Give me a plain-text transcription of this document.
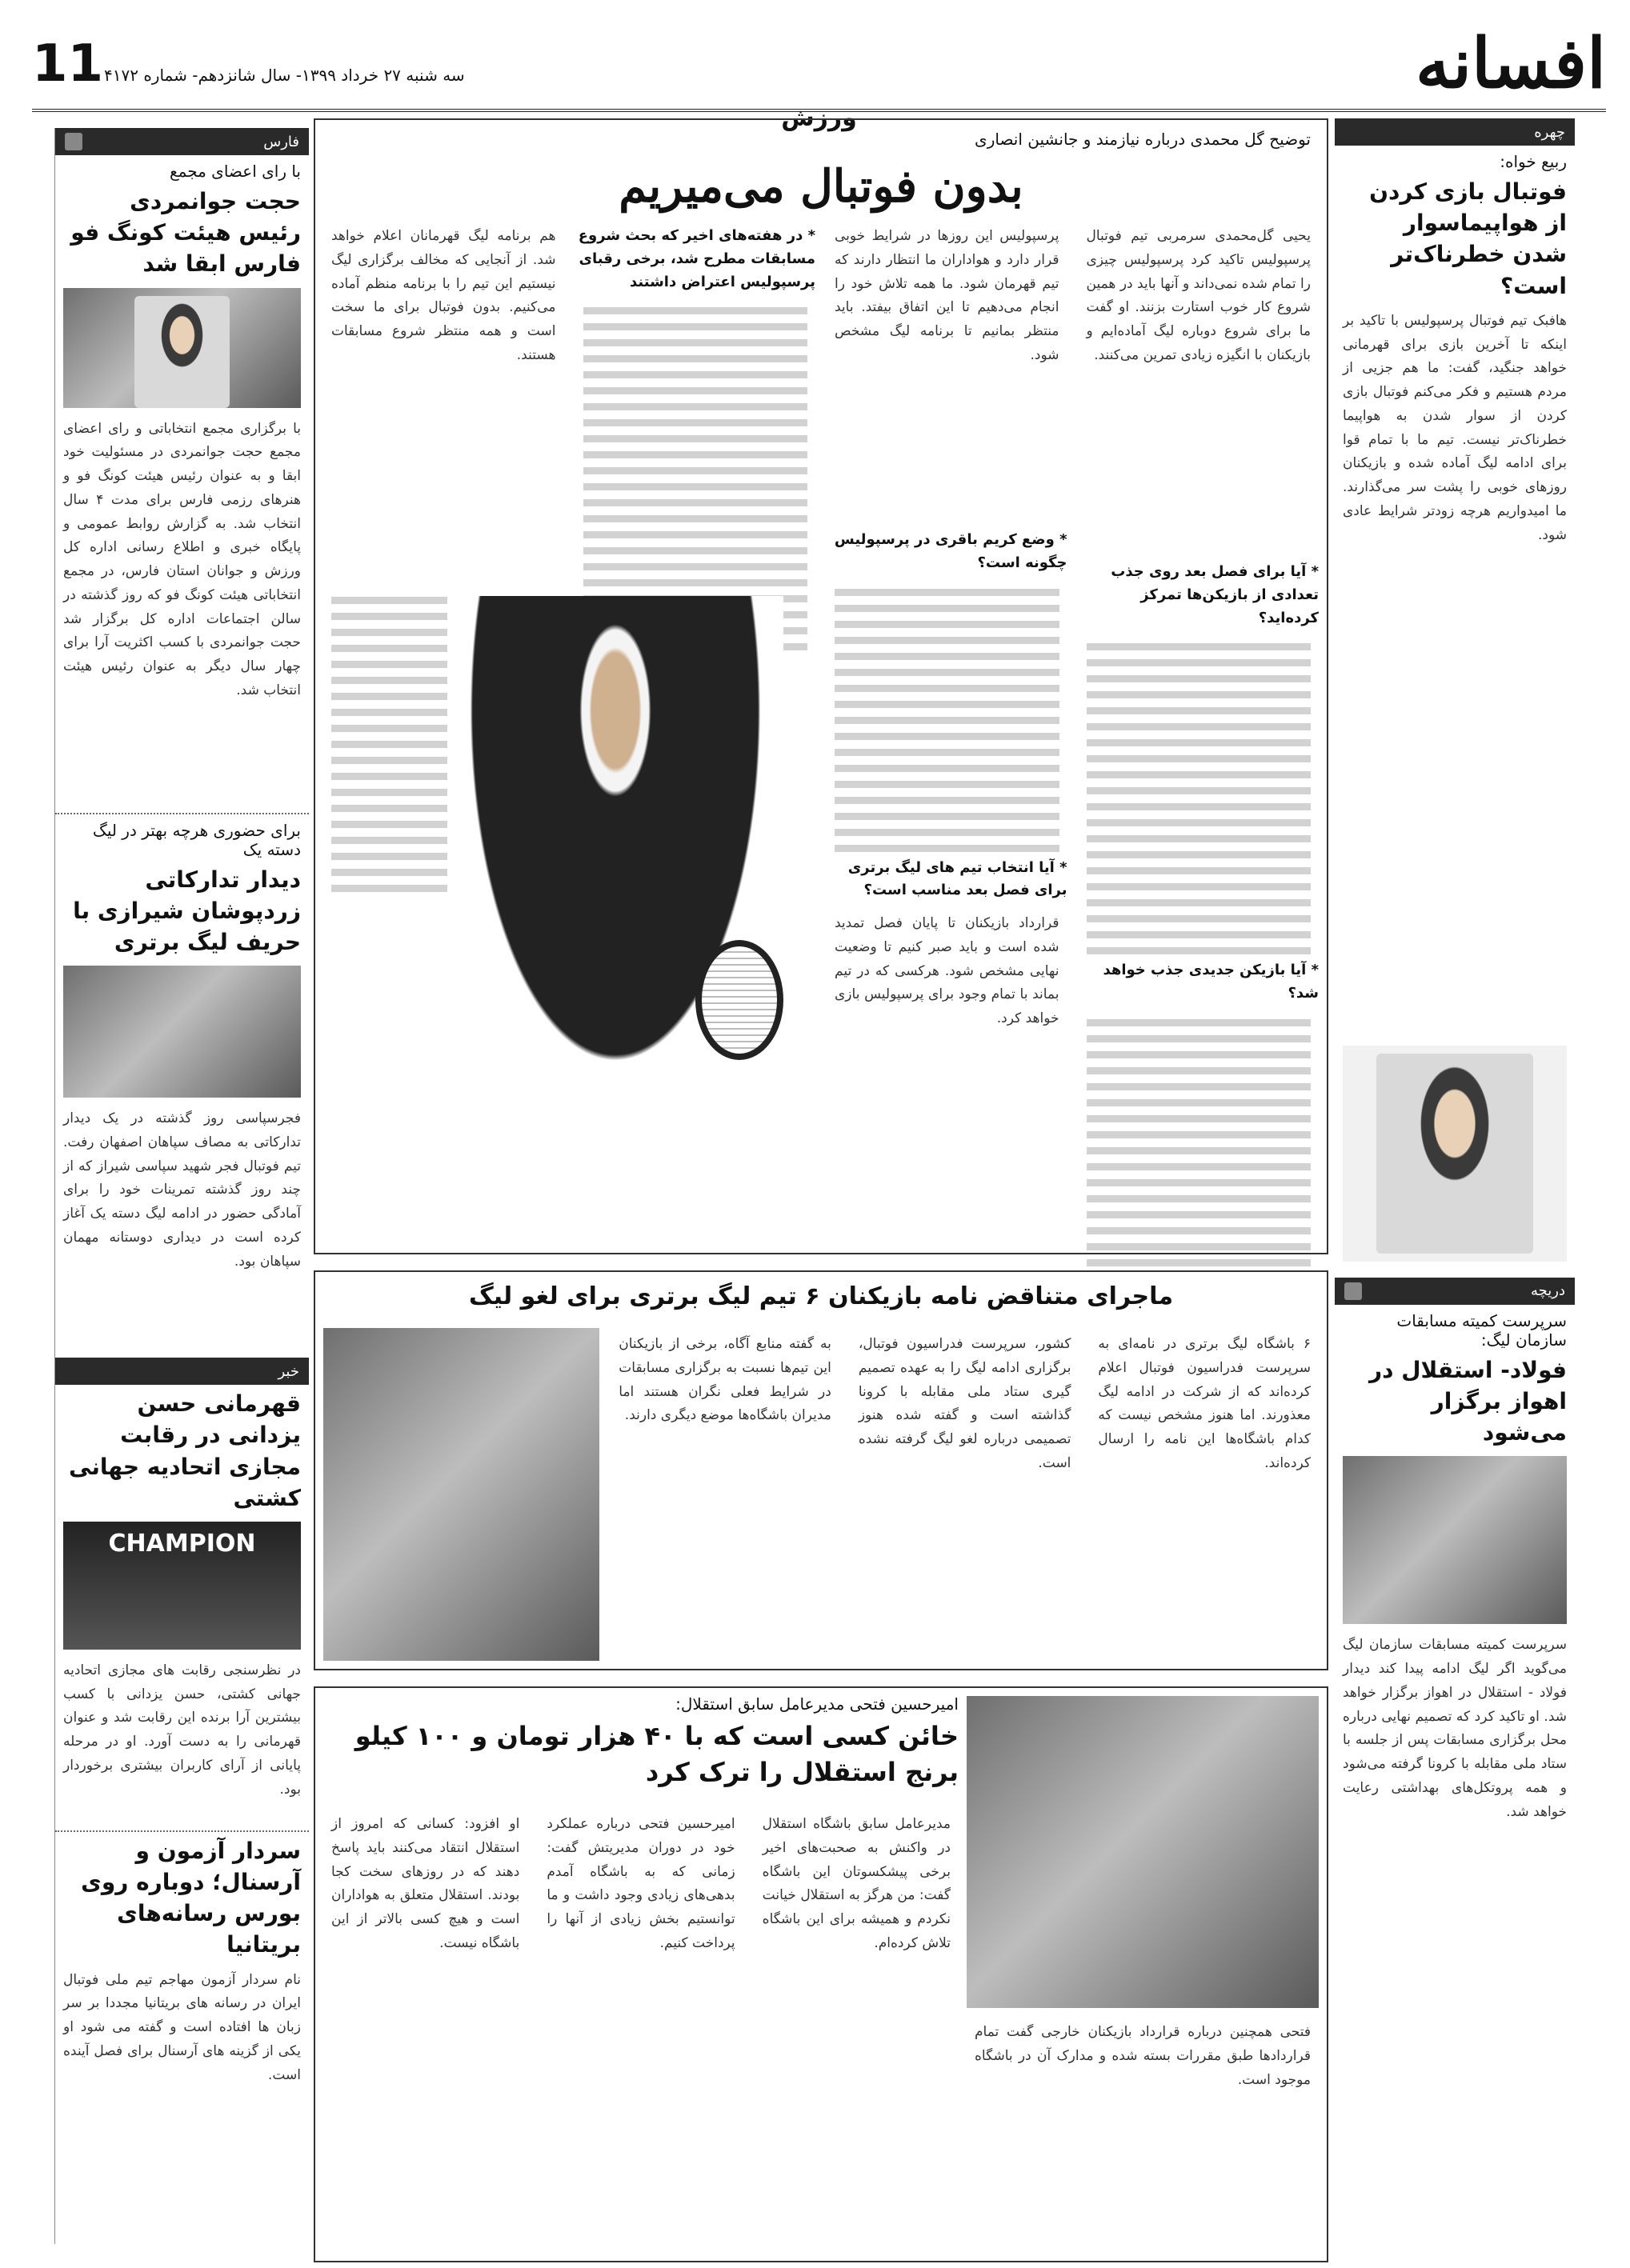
افسانه
11 سه شنبه ۲۷ خرداد ۱۳۹۹- سال شانزدهم- شماره ۴۱۷۲
ورزش
فارس
با رای اعضای مجمع
حجت جوانمردی رئیس هیئت کونگ فو فارس ابقا شد
با برگزاری مجمع انتخاباتی و رای اعضای مجمع حجت جوانمردی در مسئولیت خود ابقا و به عنوان رئیس هیئت کونگ فو و هنرهای رزمی فارس برای مدت ۴ سال انتخاب شد. به گزارش روابط عمومی و پایگاه خبری و اطلاع رسانی اداره کل ورزش و جوانان استان فارس، در مجمع انتخاباتی هیئت کونگ فو که روز گذشته در سالن اجتماعات اداره کل برگزار شد حجت جوانمردی با کسب اکثریت آرا برای چهار سال دیگر به عنوان رئیس هیئت انتخاب شد.
برای حضوری هرچه بهتر در لیگ دسته یک
دیدار تدارکاتی زردپوشان شیرازی با حریف لیگ برتری
فجرسپاسی روز گذشته در یک دیدار تدارکاتی به مصاف سپاهان اصفهان رفت. تیم فوتبال فجر شهید سپاسی شیراز که از چند روز گذشته تمرینات خود را برای آمادگی حضور در ادامه لیگ دسته یک آغاز کرده است در دیداری دوستانه مهمان سپاهان بود.
خبر
قهرمانی حسن یزدانی در رقابت مجازی اتحادیه جهانی کشتی
CHAMPION
در نظرسنجی رقابت های مجازی اتحادیه جهانی کشتی، حسن یزدانی با کسب بیشترین آرا برنده این رقابت شد و عنوان قهرمانی را به دست آورد. او در مرحله پایانی از آرای کاربران بیشتری برخوردار بود.
سردار آزمون و آرسنال؛ دوباره روی بورس رسانه‌های بریتانیا
نام سردار آزمون مهاجم تیم ملی فوتبال ایران در رسانه های بریتانیا مجددا بر سر زبان ها افتاده است و گفته می شود او یکی از گزینه های آرسنال برای فصل آینده است.
توضیح گل محمدی درباره نیازمند و جانشین انصاری
بدون فوتبال می‌میریم
یحیی گل‌محمدی سرمربی تیم فوتبال پرسپولیس تاکید کرد پرسپولیس چیزی را تمام شده نمی‌داند و آنها باید در همین شروع کار خوب استارت بزنند. او گفت ما برای شروع دوباره لیگ آماده‌ایم و بازیکنان با انگیزه زیادی تمرین می‌کنند.
* آیا برای فصل بعد روی جذب تعدادی از بازیکن‌ها تمرکز کرده‌اید؟
* آیا بازیکن جدیدی جذب خواهد شد؟
پرسپولیس این روزها در شرایط خوبی قرار دارد و هواداران ما انتظار دارند که تیم قهرمان شود. ما همه تلاش خود را انجام می‌دهیم تا این اتفاق بیفتد. باید منتظر بمانیم تا برنامه لیگ مشخص شود.
* وضع کریم باقری در پرسپولیس چگونه است؟
* آیا انتخاب تیم های لیگ برتری برای فصل بعد مناسب است؟
قرارداد بازیکنان تا پایان فصل تمدید شده است و باید صبر کنیم تا وضعیت نهایی مشخص شود. هرکسی که در تیم بماند با تمام وجود برای پرسپولیس بازی خواهد کرد.
* در هفته‌های اخیر که بحث شروع مسابقات مطرح شد، برخی رقبای پرسپولیس اعتراض داشتند
هم برنامه لیگ قهرمانان اعلام خواهد شد. از آنجایی که مخالف برگزاری لیگ نیستیم این تیم را با برنامه منظم آماده می‌کنیم. بدون فوتبال برای ما سخت است و همه منتظر شروع مسابقات هستند.
ماجرای متناقض نامه بازیکنان ۶ تیم لیگ برتری برای لغو لیگ
۶ باشگاه لیگ برتری در نامه‌ای به سرپرست فدراسیون فوتبال اعلام کرده‌اند که از شرکت در ادامه لیگ معذورند. اما هنوز مشخص نیست که کدام باشگاه‌ها این نامه را ارسال کرده‌اند.
کشور، سرپرست فدراسیون فوتبال، برگزاری ادامه لیگ را به عهده تصمیم گیری ستاد ملی مقابله با کرونا گذاشته است و گفته شده هنوز تصمیمی درباره لغو لیگ گرفته نشده است.
به گفته منابع آگاه، برخی از بازیکنان این تیم‌ها نسبت به برگزاری مسابقات در شرایط فعلی نگران هستند اما مدیران باشگاه‌ها موضع دیگری دارند.
امیرحسین فتحی مدیرعامل سابق استقلال:
خائن کسی است که با ۴۰ هزار تومان و ۱۰۰ کیلو برنج استقلال را ترک کرد
مدیرعامل سابق باشگاه استقلال در واکنش به صحبت‌های اخیر برخی پیشکسوتان این باشگاه گفت: من هرگز به استقلال خیانت نکردم و همیشه برای این باشگاه تلاش کرده‌ام.
امیرحسین فتحی درباره عملکرد خود در دوران مدیریتش گفت: زمانی که به باشگاه آمدم بدهی‌های زیادی وجود داشت و ما توانستیم بخش زیادی از آنها را پرداخت کنیم.
او افزود: کسانی که امروز از استقلال انتقاد می‌کنند باید پاسخ دهند که در روزهای سخت کجا بودند. استقلال متعلق به هواداران است و هیچ کسی بالاتر از این باشگاه نیست.
فتحی همچنین درباره قرارداد بازیکنان خارجی گفت تمام قراردادها طبق مقررات بسته شده و مدارک آن در باشگاه موجود است.
چهره
ربیع خواه:
فوتبال بازی کردن از هواپیماسوار شدن خطرناک‌تر است؟
هافبک تیم فوتبال پرسپولیس با تاکید بر اینکه تا آخرین بازی برای قهرمانی خواهد جنگید، گفت: ما هم جزیی از مردم هستیم و فکر می‌کنم فوتبال بازی کردن از سوار شدن به هواپیما خطرناک‌تر نیست. تیم ما با تمام قوا برای ادامه لیگ آماده شده و بازیکنان روزهای خوبی را پشت سر می‌گذارند. ما امیدواریم هرچه زودتر شرایط عادی شود.
دریچه
سرپرست کمیته مسابقات سازمان لیگ:
فولاد- استقلال در اهواز برگزار می‌شود
سرپرست کمیته مسابقات سازمان لیگ می‌گوید اگر لیگ ادامه پیدا کند دیدار فولاد - استقلال در اهواز برگزار خواهد شد. او تاکید کرد که تصمیم نهایی درباره محل برگزاری مسابقات پس از جلسه با ستاد ملی مقابله با کرونا گرفته می‌شود و همه پروتکل‌های بهداشتی رعایت خواهد شد.
